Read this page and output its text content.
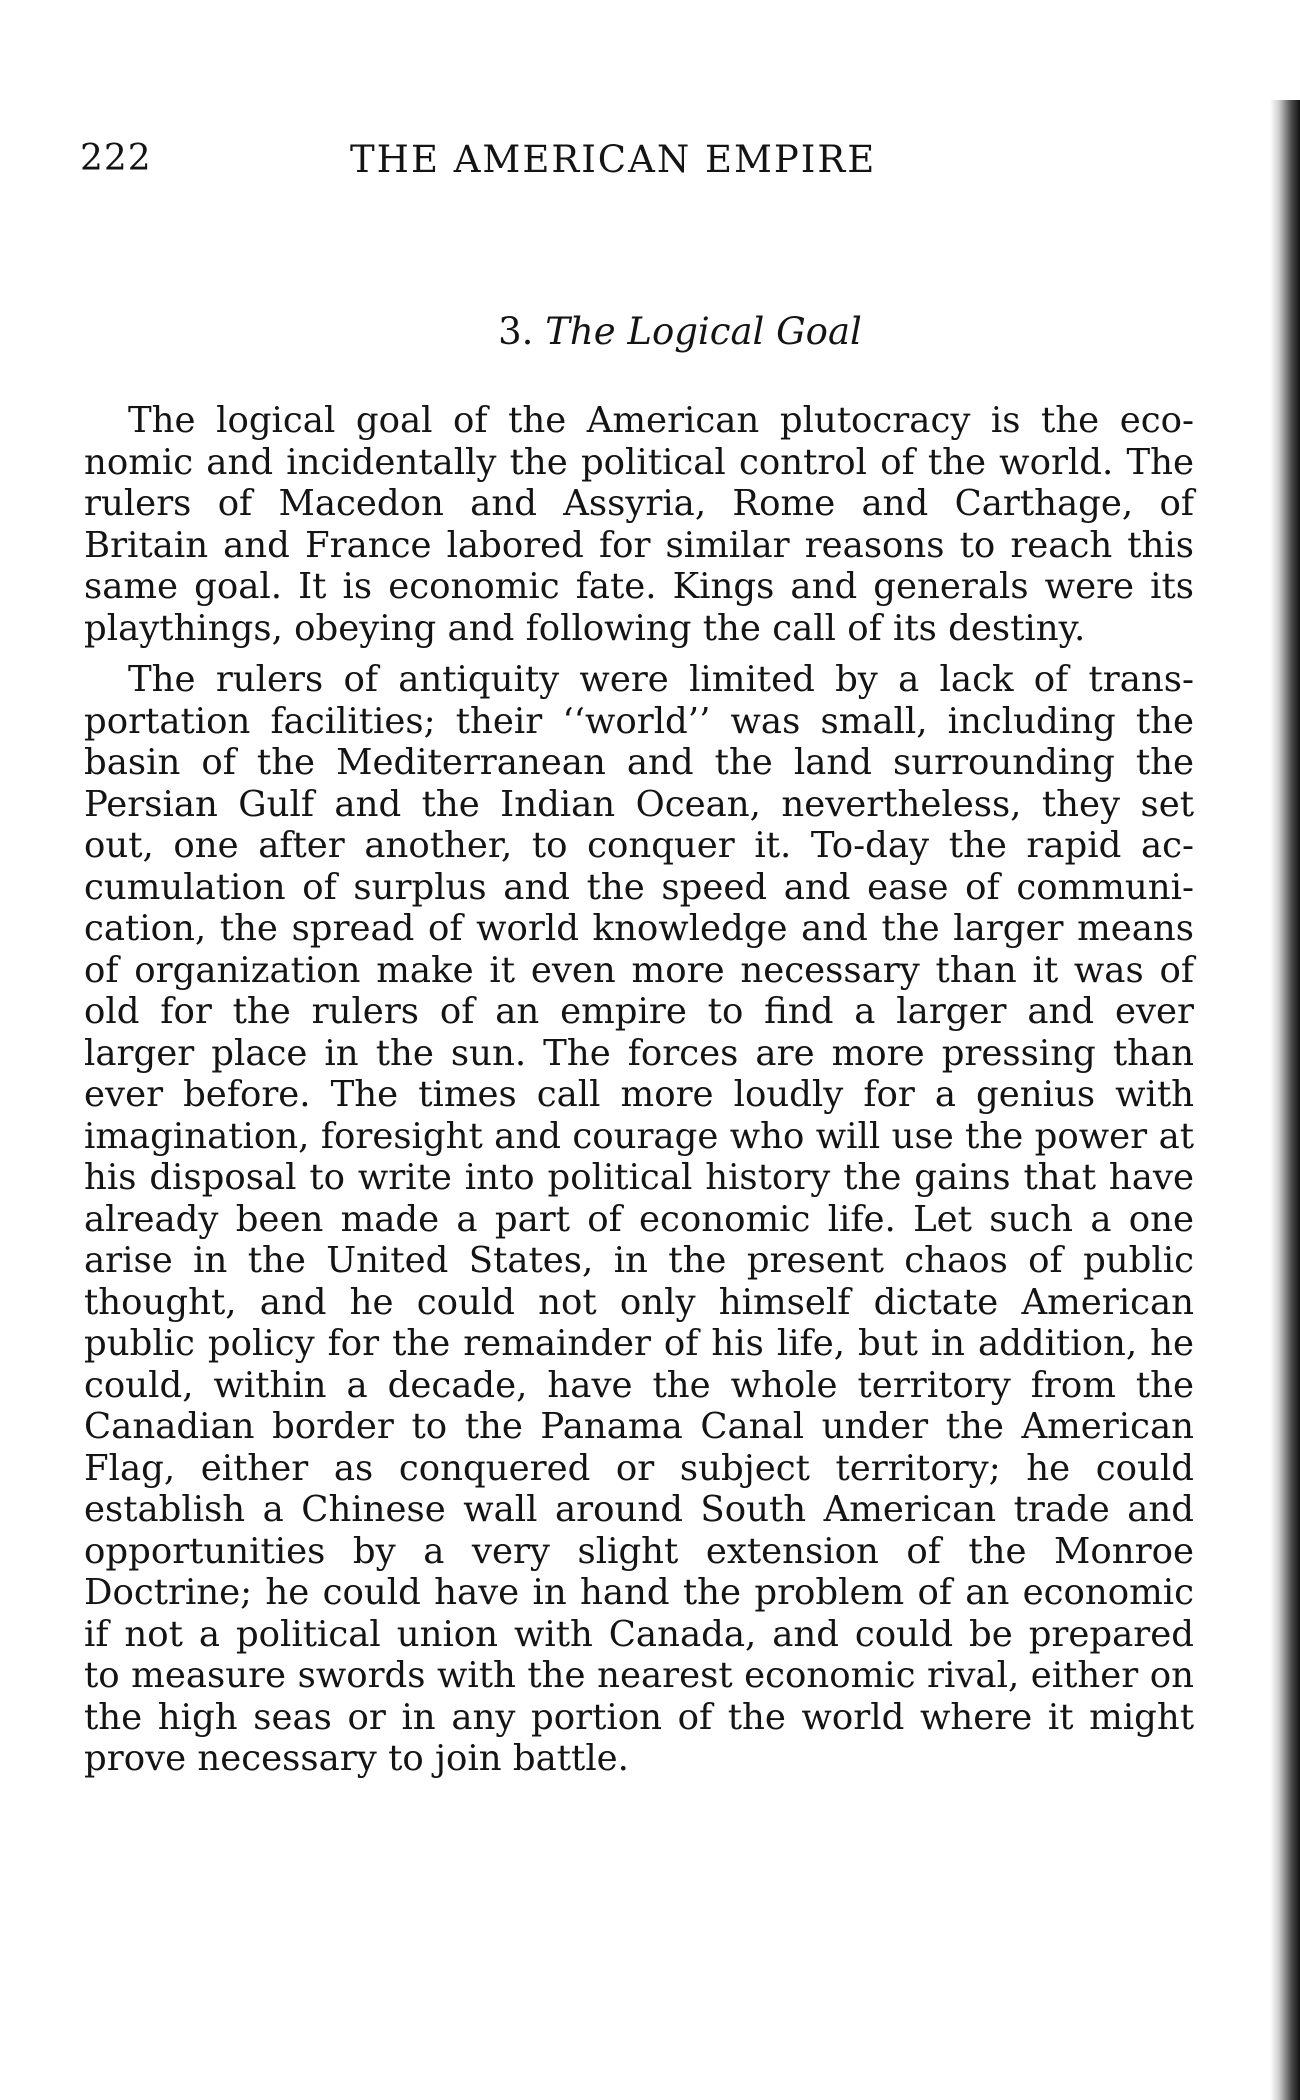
222	THE AMERICAN EMPIRE
3. The Logical Goal

The logical goal of the American plutocracy is the economic and incidentally the political control of the world. The rulers of Macedon and Assyria, Rome and Carthage, of Britain and France labored for similar reasons to reach this same goal. It is economic fate. Kings and generals were its playthings, obeying and following the call of its destiny.

The rulers of antiquity were limited by a lack of transportation facilities; their ‘‘world’’ was small, including the basin of the Mediterranean and the land surrounding the Persian Gulf and the Indian Ocean, nevertheless, they set out, one after another, to conquer it. To-day the rapid accumulation of surplus and the speed and ease of communication, the spread of world knowledge and the larger means of organization make it even more necessary than it was of old for the rulers of an empire to find a larger and ever larger place in the sun. The forces are more pressing than ever before. The times call more loudly for a genius with imagination, foresight and courage who will use the power at his disposal to write into political history the gains that have already been made a part of economic life. Let such a one arise in the United States, in the present chaos of public thought, and he could not only himself dictate American public policy for the remainder of his life, but in addition, he could, within a decade, have the whole territory from the Canadian border to the Panama Canal under the American Flag, either as conquered or subject territory; he could establish a Chinese wall around South American trade and opportunities by a very slight extension of the Monroe Doctrine; he could have in hand the problem of an economic if not a political union with Canada, and could be prepared to measure swords with the nearest economic rival, either on the high seas or in any portion of the world where it might prove necessary to join battle.
